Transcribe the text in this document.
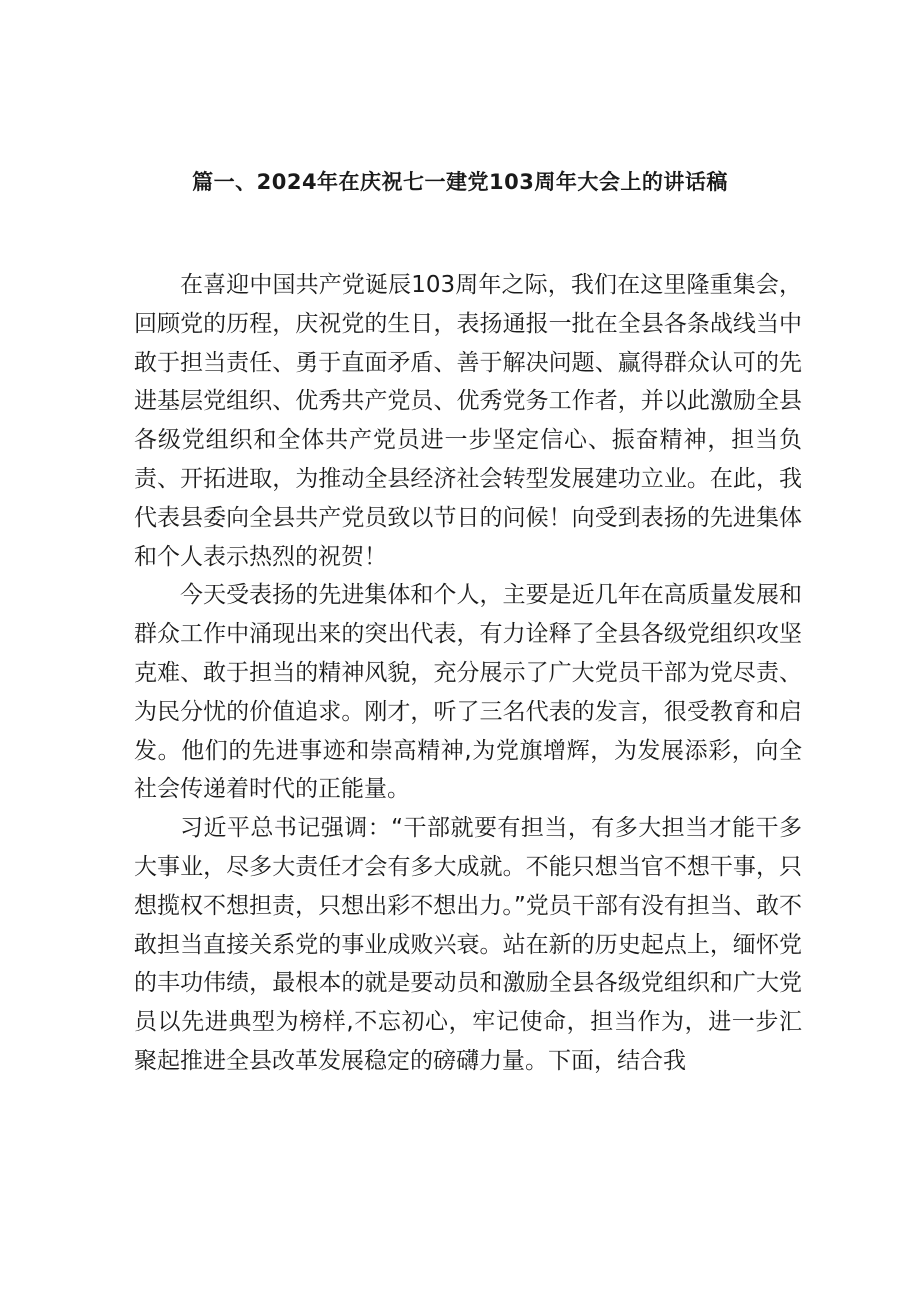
篇一、2024年在庆祝七一建党103周年大会上的讲话稿

在喜迎中国共产党诞辰103周年之际，我们在这里隆重集会，回顾党的历程，庆祝党的生日，表扬通报一批在全县各条战线当中敢于担当责任、勇于直面矛盾、善于解决问题、赢得群众认可的先进基层党组织、优秀共产党员、优秀党务工作者，并以此激励全县各级党组织和全体共产党员进一步坚定信心、振奋精神，担当负责、开拓进取，为推动全县经济社会转型发展建功立业。在此，我代表县委向全县共产党员致以节日的问候！向受到表扬的先进集体和个人表示热烈的祝贺！

今天受表扬的先进集体和个人，主要是近几年在高质量发展和群众工作中涌现出来的突出代表，有力诠释了全县各级党组织攻坚克难、敢于担当的精神风貌，充分展示了广大党员干部为党尽责、为民分忧的价值追求。刚才，听了三名代表的发言，很受教育和启发。他们的先进事迹和崇高精神,为党旗增辉，为发展添彩，向全社会传递着时代的正能量。

习近平总书记强调：“干部就要有担当，有多大担当才能干多大事业，尽多大责任才会有多大成就。不能只想当官不想干事，只想揽权不想担责，只想出彩不想出力。”党员干部有没有担当、敢不敢担当直接关系党的事业成败兴衰。站在新的历史起点上，缅怀党的丰功伟绩，最根本的就是要动员和激励全县各级党组织和广大党员以先进典型为榜样,不忘初心，牢记使命，担当作为，进一步汇聚起推进全县改革发展稳定的磅礴力量。下面，结合我
